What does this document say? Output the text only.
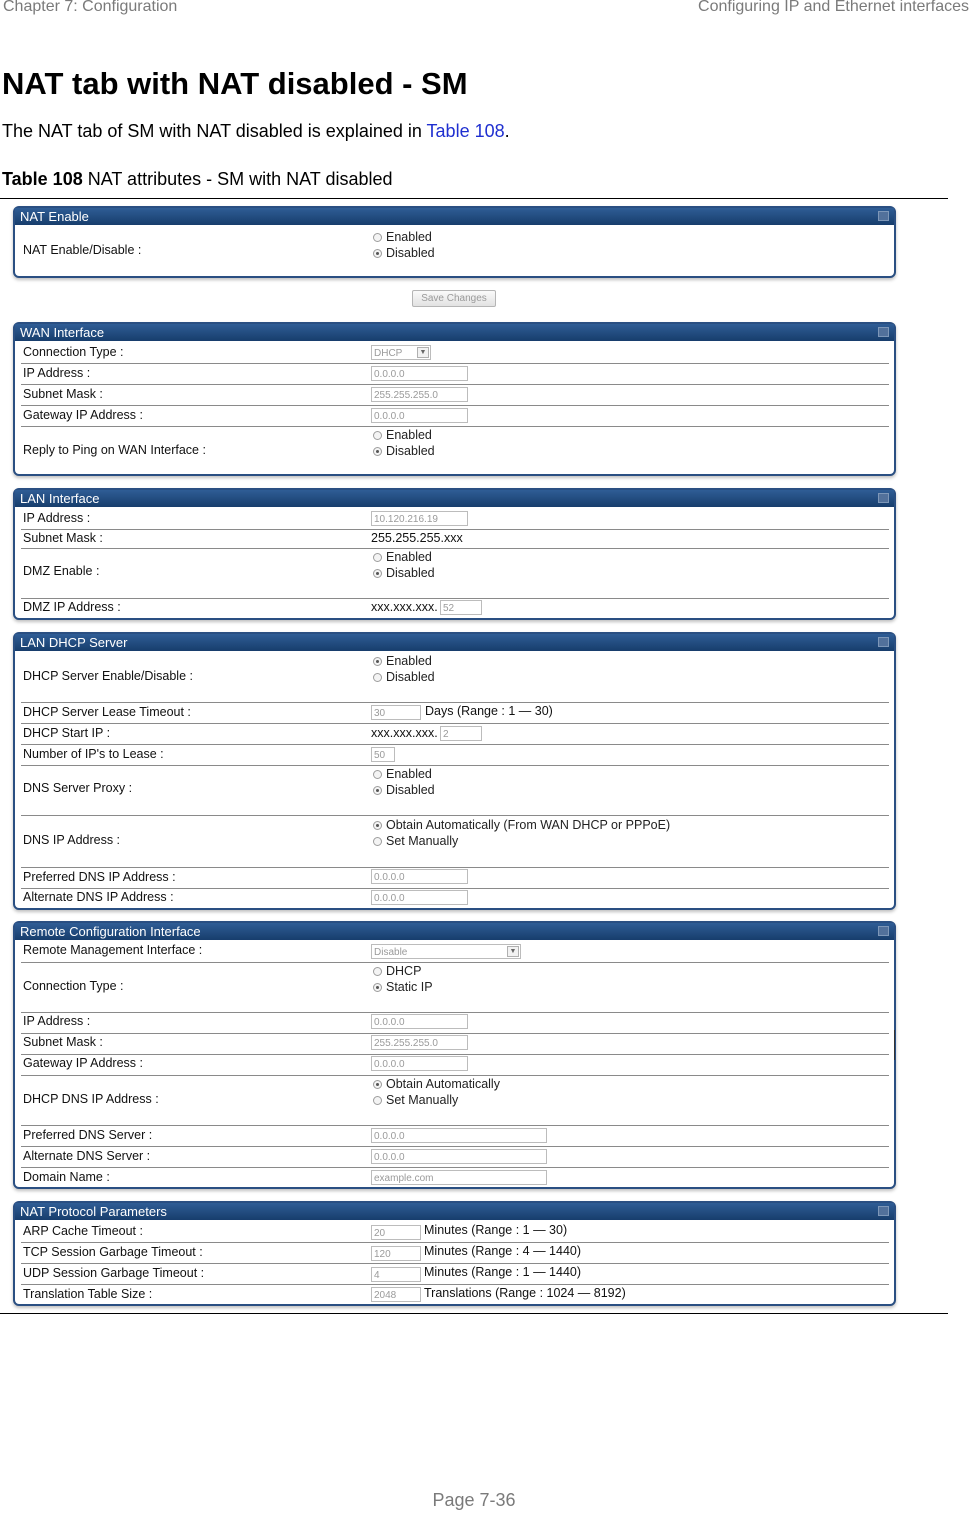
Chapter 7: Configuration	Configuring IP and Ethernet interfaces
NAT tab with NAT disabled - SM
The NAT tab of SM with NAT disabled is explained in Table 108.
Table 108 NAT attributes - SM with NAT disabled
NAT Enable
NAT Enable/Disable :
Enabled
Disabled
Save Changes
WAN Interface
Connection Type :	DHCP	▼
IP Address :	0.0.0.0
Subnet Mask :	255.255.255.0
Gateway IP Address :	0.0.0.0
Reply to Ping on WAN Interface :
Enabled
Disabled
LAN Interface
IP Address :	10.120.216.19
Subnet Mask :	255.255.255.xxx
DMZ Enable :
Enabled
Disabled
DMZ IP Address :	xxx.xxx.xxx. 52
LAN DHCP Server
DHCP Server Enable/Disable :
Enabled
Disabled
DHCP Server Lease Timeout :	30	Days (Range : 1 — 30)
DHCP Start IP :	xxx.xxx.xxx. 2
Number of IP's to Lease :	50
DNS Server Proxy :
Enabled
Disabled
DNS IP Address :
Obtain Automatically (From WAN DHCP or PPPoE)
Set Manually
Preferred DNS IP Address :	0.0.0.0
Alternate DNS IP Address :	0.0.0.0
Remote Configuration Interface
Remote Management Interface :	Disable	▼
Connection Type :
DHCP
Static IP
IP Address :	0.0.0.0
Subnet Mask :	255.255.255.0
Gateway IP Address :	0.0.0.0
DHCP DNS IP Address :
Obtain Automatically
Set Manually
Preferred DNS Server :	0.0.0.0
Alternate DNS Server :	0.0.0.0
Domain Name :	example.com
NAT Protocol Parameters
ARP Cache Timeout :	20	Minutes (Range : 1 — 30)
TCP Session Garbage Timeout :	120	Minutes (Range : 4 — 1440)
UDP Session Garbage Timeout :	4	Minutes (Range : 1 — 1440)
Translation Table Size :	2048	Translations (Range : 1024 — 8192)
Page 7-36
